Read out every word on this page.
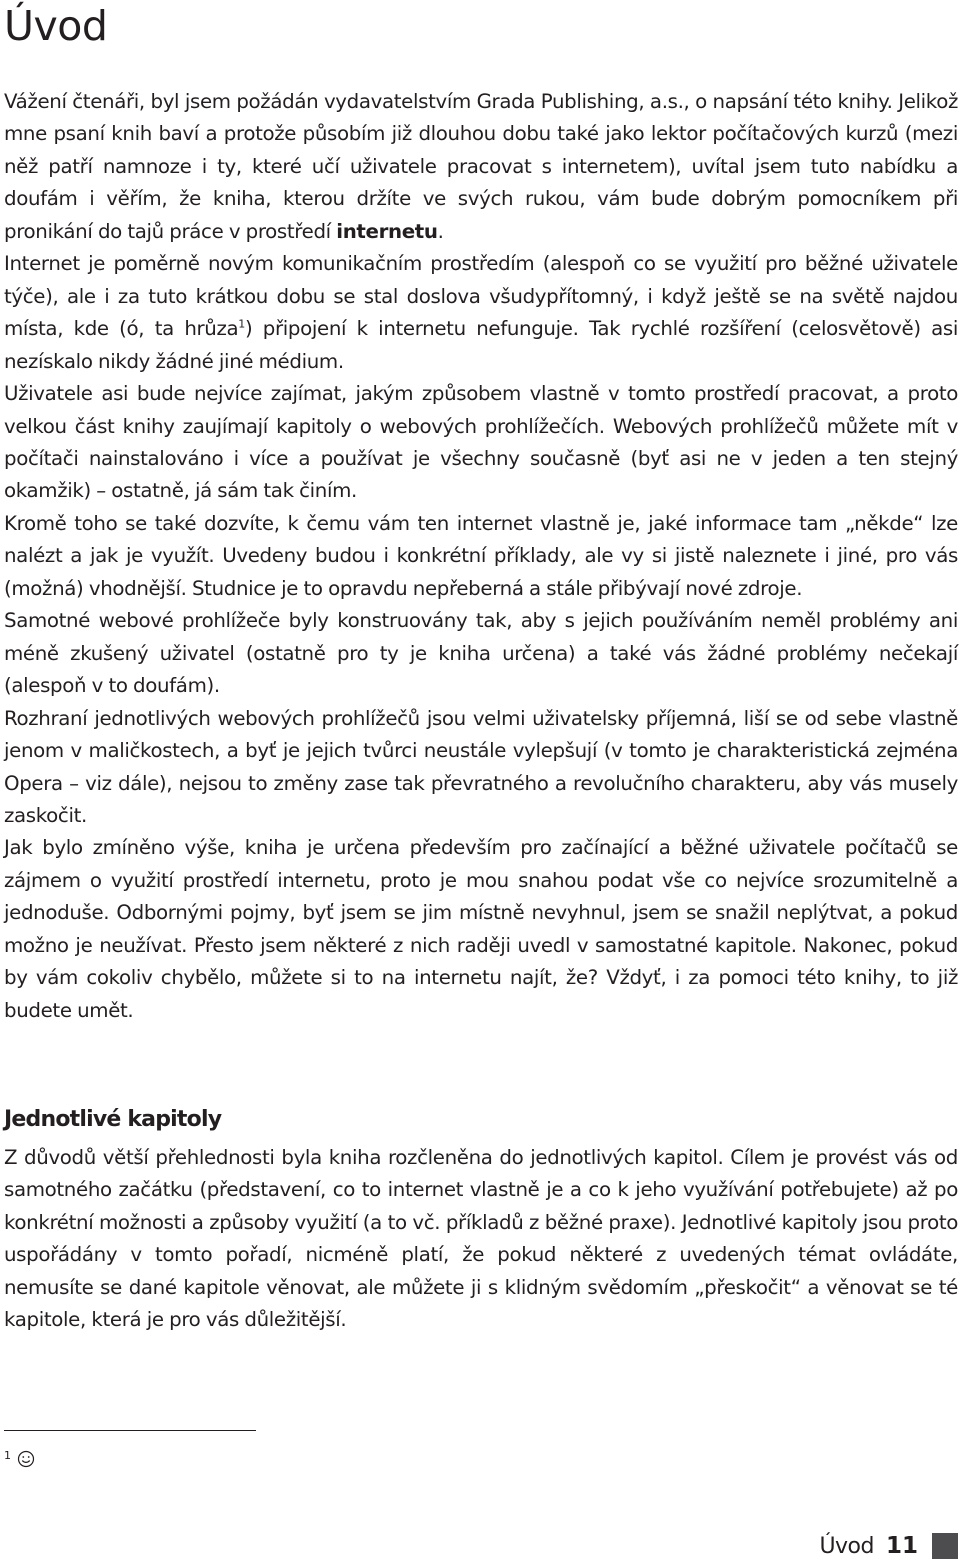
Úvod

Vážení čtenáři, byl jsem požádán vydavatelstvím Grada Publishing, a.s., o napsání této knihy. Jelikož mne psaní knih baví a protože působím již dlouhou dobu také jako lektor počítačových kurzů (mezi něž patří namnoze i ty, které učí uživatele pracovat s internetem), uvítal jsem tuto nabídku a doufám i věřím, že kniha, kterou držíte ve svých rukou, vám bude dobrým pomocníkem při pronikání do tajů práce v prostředí internetu.

Internet je poměrně novým komunikačním prostředím (alespoň co se využití pro běžné uživatele týče), ale i za tuto krátkou dobu se stal doslova všudypřítomný, i když ještě se na světě najdou místa, kde (ó, ta hrůza$^1$) připojení k internetu nefunguje. Tak rychlé rozšíření (celosvětově) asi nezískalo nikdy žádné jiné médium.

Uživatele asi bude nejvíce zajímat, jakým způsobem vlastně v tomto prostředí pracovat, a proto velkou část knihy zaujímají kapitoly o webových prohlížečích. Webových prohlížečů můžete mít v počítači nainstalováno i více a používat je všechny současně (byť asi ne v jeden a ten stejný okamžik) – ostatně, já sám tak činím.

Kromě toho se také dozvíte, k čemu vám ten internet vlastně je, jaké informace tam „někde“ lze nalézt a jak je využít. Uvedeny budou i konkrétní příklady, ale vy si jistě naleznete i jiné, pro vás (možná) vhodnější. Studnice je to opravdu nepřeberná a stále přibývají nové zdroje.

Samotné webové prohlížeče byly konstruovány tak, aby s jejich používáním neměl problémy ani méně zkušený uživatel (ostatně pro ty je kniha určena) a také vás žádné problémy nečekají (alespoň v to doufám).

Rozhraní jednotlivých webových prohlížečů jsou velmi uživatelsky příjemná, liší se od sebe vlastně jenom v maličkostech, a byť je jejich tvůrci neustále vylepšují (v tomto je charakteristická zejména Opera – viz dále), nejsou to změny zase tak převratného a revolučního charakteru, aby vás musely zaskočit.

Jak bylo zmíněno výše, kniha je určena především pro začínající a běžné uživatele počítačů se zájmem o využití prostředí internetu, proto je mou snahou podat vše co nejvíce srozumitelně a jednoduše. Odbornými pojmy, byť jsem se jim místně nevyhnul, jsem se snažil neplýtvat, a pokud možno je neužívat. Přesto jsem některé z nich raději uvedl v samostatné kapitole. Nakonec, pokud by vám cokoliv chybělo, můžete si to na internetu najít, že? Vždyť, i za pomoci této knihy, to již budete umět.

Jednotlivé kapitoly

Z důvodů větší přehlednosti byla kniha rozčleněna do jednotlivých kapitol. Cílem je provést vás od samotného začátku (představení, co to internet vlastně je a co k jeho využívání potřebujete) až po konkrétní možnosti a způsoby využití (a to vč. příkladů z běžné praxe). Jednotlivé kapitoly jsou proto uspořádány v tomto pořadí, nicméně platí, že pokud některé z uvedených témat ovládáte, nemusíte se dané kapitole věnovat, ale můžete ji s klidným svědomím „přeskočit“ a věnovat se té kapitole, která je pro vás důležitější.

1
Úvod 11
